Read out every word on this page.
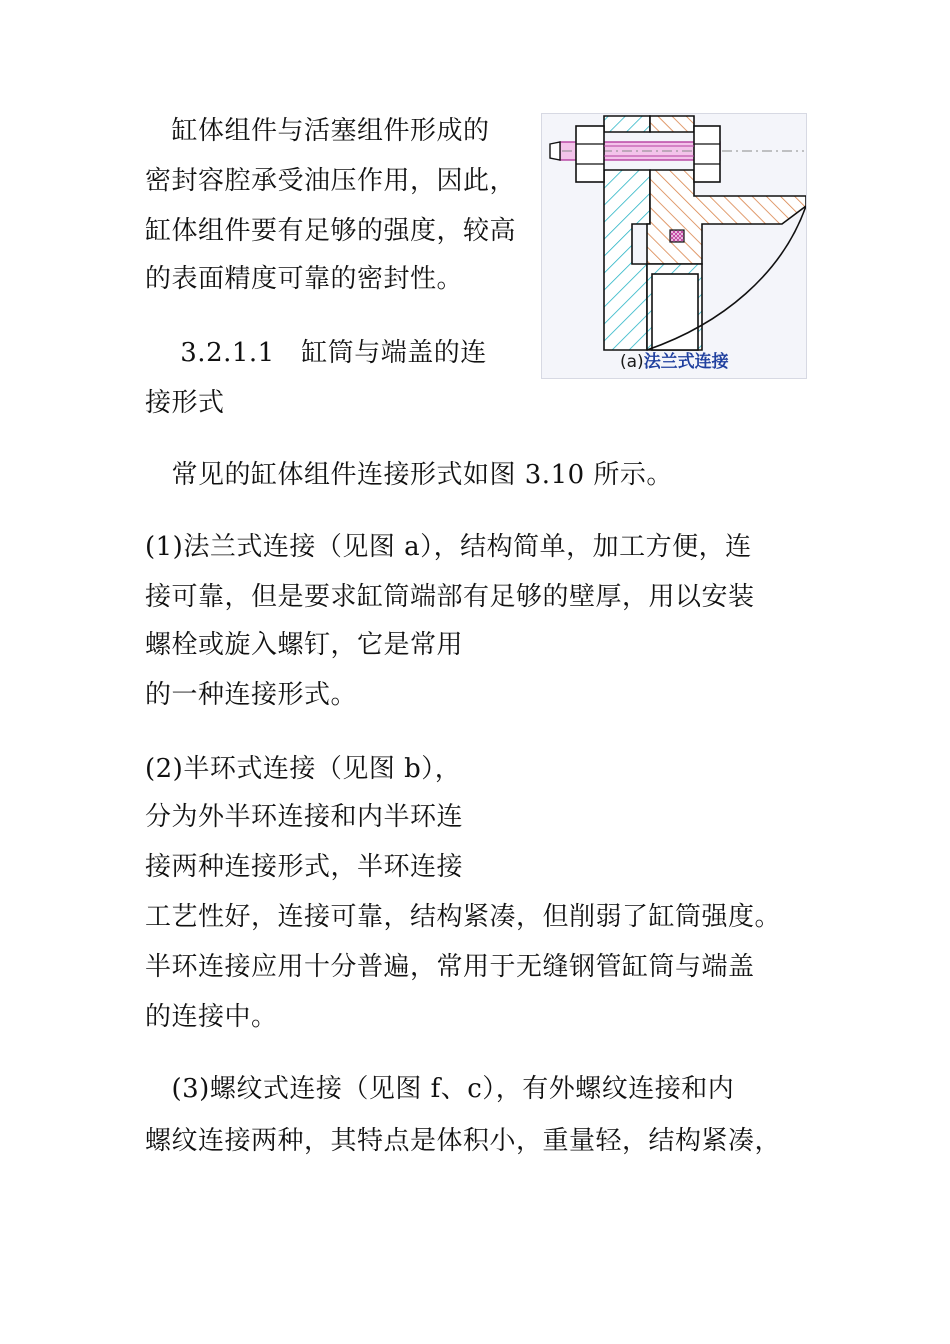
(a)法兰式连接
　缸体组件与活塞组件形成的
密封容腔承受油压作用，因此，
缸体组件要有足够的强度，较高
的表面精度可靠的密封性。
　 3.2.1.1　缸筒与端盖的连
接形式
　常见的缸体组件连接形式如图 3.10 所示。
(1)法兰式连接（见图 a），结构简单，加工方便，连
接可靠，但是要求缸筒端部有足够的壁厚，用以安装
螺栓或旋入螺钉，它是常用
的一种连接形式。
(2)半环式连接（见图 b），
分为外半环连接和内半环连
接两种连接形式，半环连接
工艺性好，连接可靠，结构紧凑，但削弱了缸筒强度。
半环连接应用十分普遍，常用于无缝钢管缸筒与端盖
的连接中。
　(3)螺纹式连接（见图 f、c），有外螺纹连接和内
螺纹连接两种，其特点是体积小，重量轻，结构紧凑，
